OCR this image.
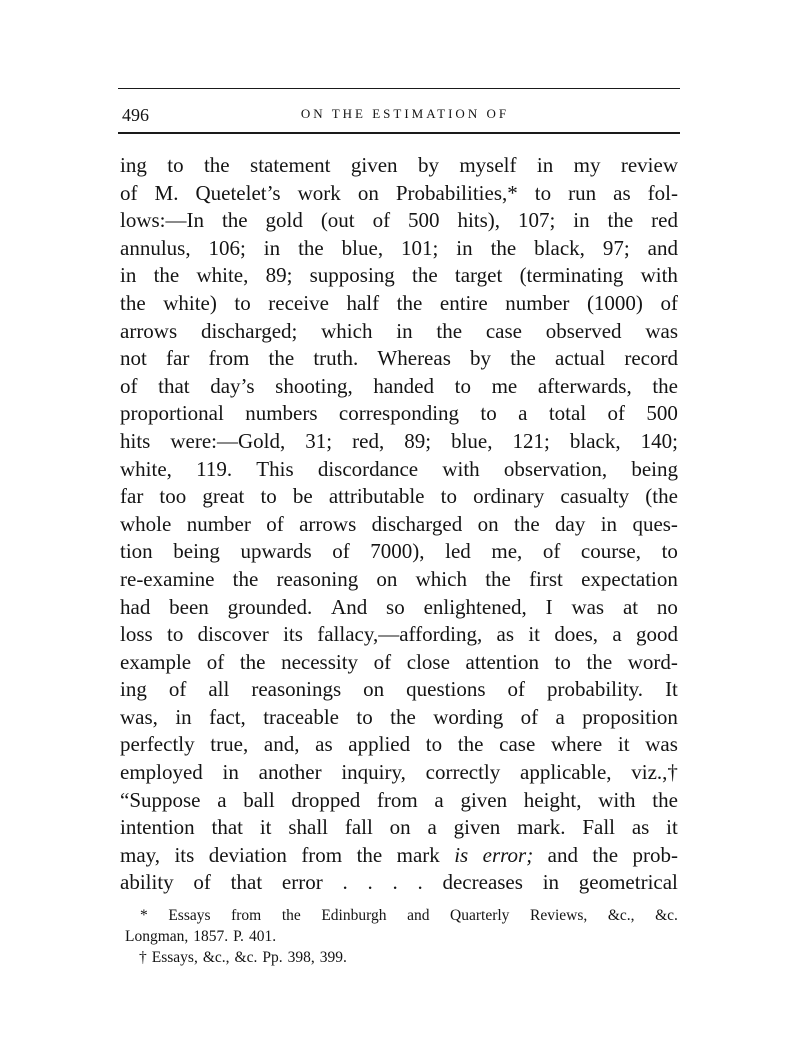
496	ON THE ESTIMATION OF
ing to the statement given by myself in my review
of M. Quetelet’s work on Probabilities,* to run as fol-
lows:—In the gold (out of 500 hits), 107; in the red
annulus, 106; in the blue, 101; in the black, 97; and
in the white, 89; supposing the target (terminating with
the white) to receive half the entire number (1000) of
arrows discharged; which in the case observed was
not far from the truth. Whereas by the actual record
of that day’s shooting, handed to me afterwards, the
proportional numbers corresponding to a total of 500
hits were:—Gold, 31; red, 89; blue, 121; black, 140;
white, 119. This discordance with observation, being
far too great to be attributable to ordinary casualty (the
whole number of arrows discharged on the day in ques-
tion being upwards of 7000), led me, of course, to
re-examine the reasoning on which the first expectation
had been grounded. And so enlightened, I was at no
loss to discover its fallacy,—affording, as it does, a good
example of the necessity of close attention to the word-
ing of all reasonings on questions of probability. It
was, in fact, traceable to the wording of a proposition
perfectly true, and, as applied to the case where it was
employed in another inquiry, correctly applicable, viz.,†
“Suppose a ball dropped from a given height, with the
intention that it shall fall on a given mark. Fall as it
may, its deviation from the mark is error; and the prob-
ability of that error . . . . decreases in geometrical
* Essays from the Edinburgh and Quarterly Reviews, &c., &c.
Longman, 1857. P. 401.
† Essays, &c., &c. Pp. 398, 399.
